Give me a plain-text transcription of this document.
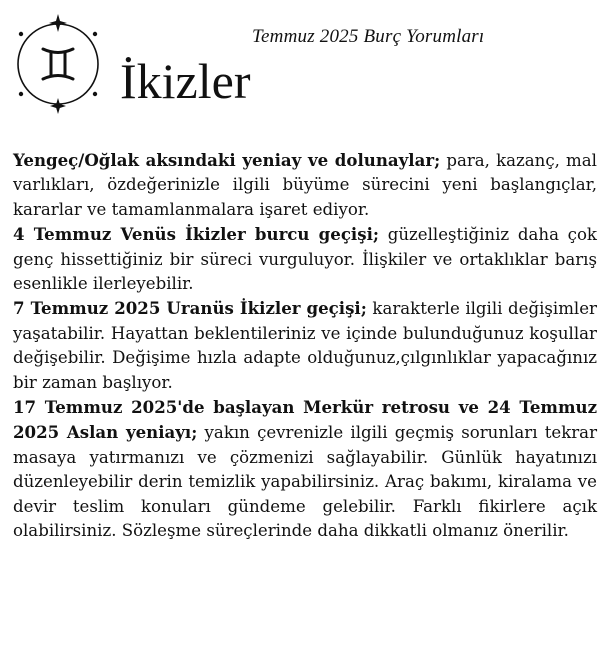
Temmuz 2025 Burç Yorumları
İkizler

Yengeç/Oğlak aksındaki yeniay ve dolunaylar; para, kazanç, mal varlıkları, özdeğerinizle ilgili büyüme sürecini yeni başlangıçlar, kararlar ve tamamlanmalara işaret ediyor.

4 Temmuz Venüs İkizler burcu geçişi; güzelleştiğiniz daha çok genç hissettiğiniz bir süreci vurguluyor. İlişkiler ve ortaklıklar barış esenlikle ilerleyebilir.

7 Temmuz 2025 Uranüs İkizler geçişi; karakterle ilgili değişimler yaşatabilir. Hayattan beklentileriniz ve içinde bulunduğunuz koşullar değişebilir. Değişime hızla adapte olduğunuz,çılgınlıklar yapacağınız bir zaman başlıyor.

17 Temmuz 2025'de başlayan Merkür retrosu ve 24 Temmuz 2025 Aslan yeniayı; yakın çevrenizle ilgili geçmiş sorunları tekrar masaya yatırmanızı ve çözmenizi sağlayabilir. Günlük hayatınızı düzenleyebilir derin temizlik yapabilirsiniz. Araç bakımı, kiralama ve devir teslim konuları gündeme gelebilir. Farklı fikirlere açık olabilirsiniz. Sözleşme süreçlerinde daha dikkatli olmanız önerilir.
